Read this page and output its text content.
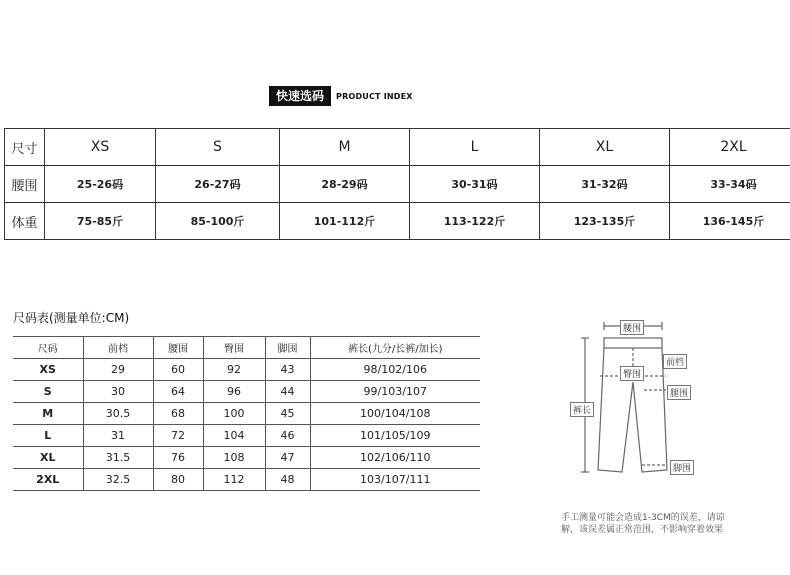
快速选码	PRODUCT INDEX
尺寸	XS	S	M	L	XL	2XL
腰围	25-26码	26-27码	28-29码	30-31码	31-32码	33-34码
体重	75-85斤	85-100斤	101-112斤	113-122斤	123-135斤	136-145斤
尺码表(测量单位:CM)
尺码	前档	腰围	臀围	脚围	裤长(九分/长裤/加长)
XS	29	60	92	43	98/102/106
S	30	64	96	44	99/103/107
M	30.5	68	100	45	100/104/108
L	31	72	104	46	101/105/109
XL	31.5	76	108	47	102/106/110
2XL	32.5	80	112	48	103/107/111
腰围
前档
臀围
裤长
腿围
脚围
手工测量可能会造成1-3CM的误差，请谅解，该误差属正常范围，不影响穿着效果
